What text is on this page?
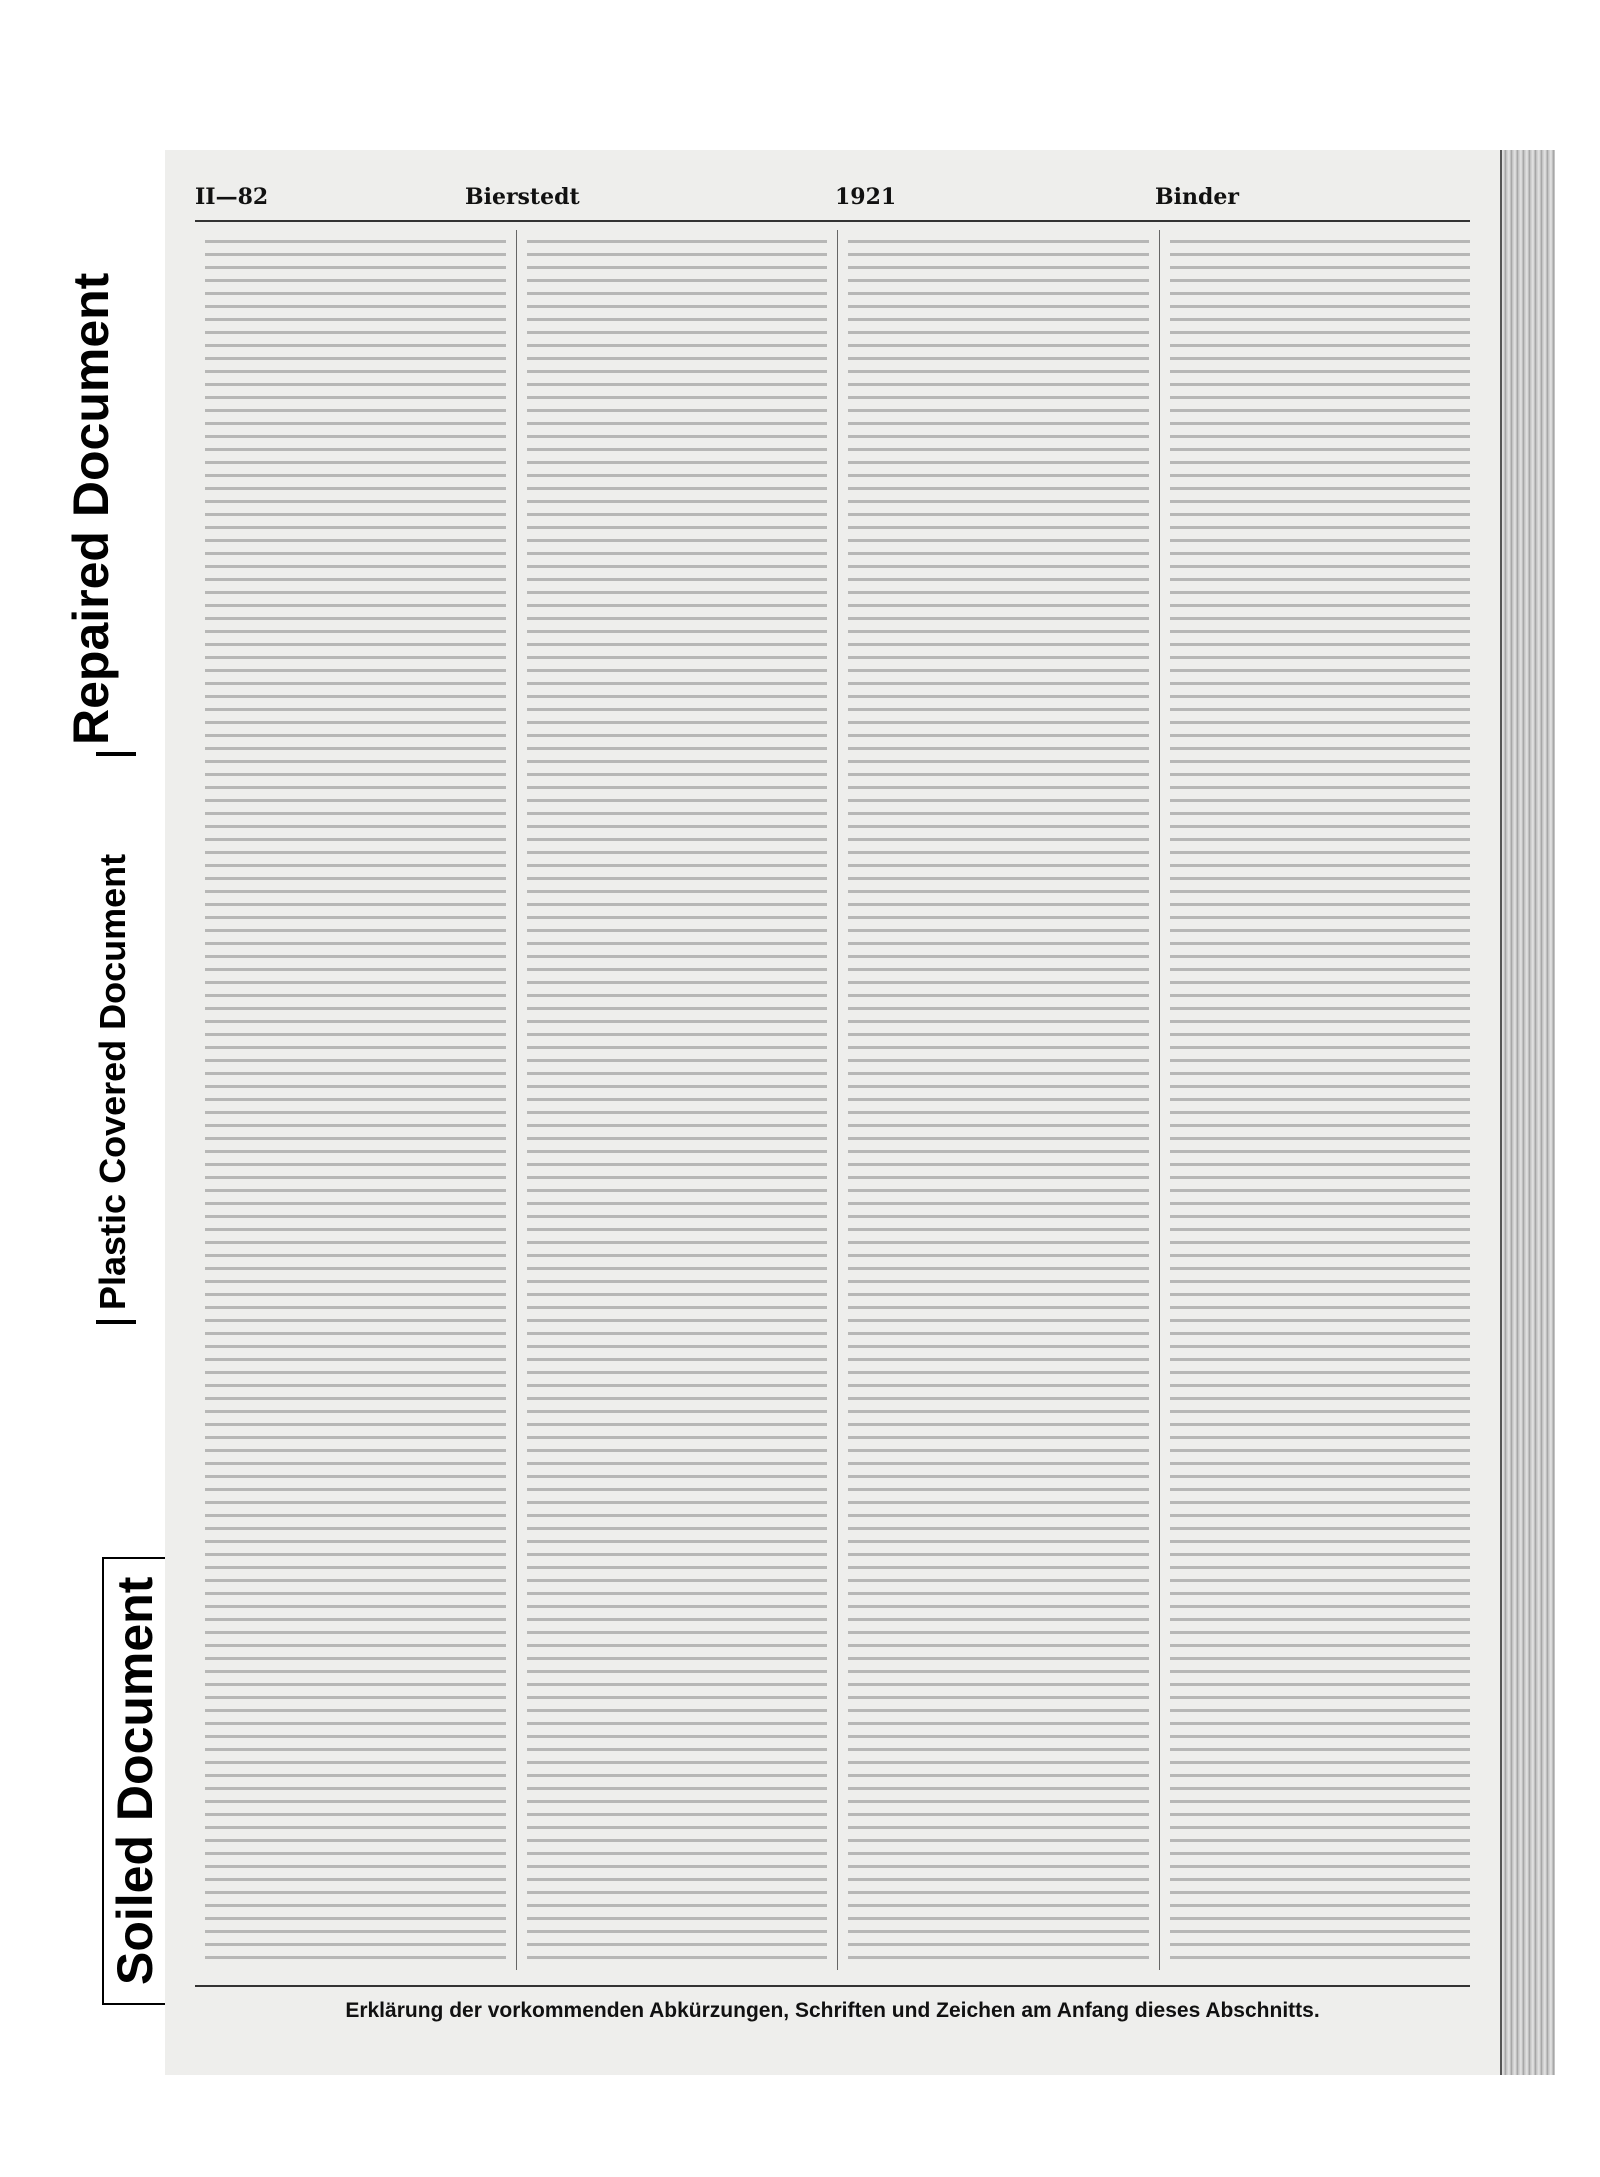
Repaired Document
Plastic Covered Document
Soiled Document
II—82	Bierstedt	1921	Binder
Erklärung der vorkommenden Abkürzungen, Schriften und Zeichen am Anfang dieses Abschnitts.
